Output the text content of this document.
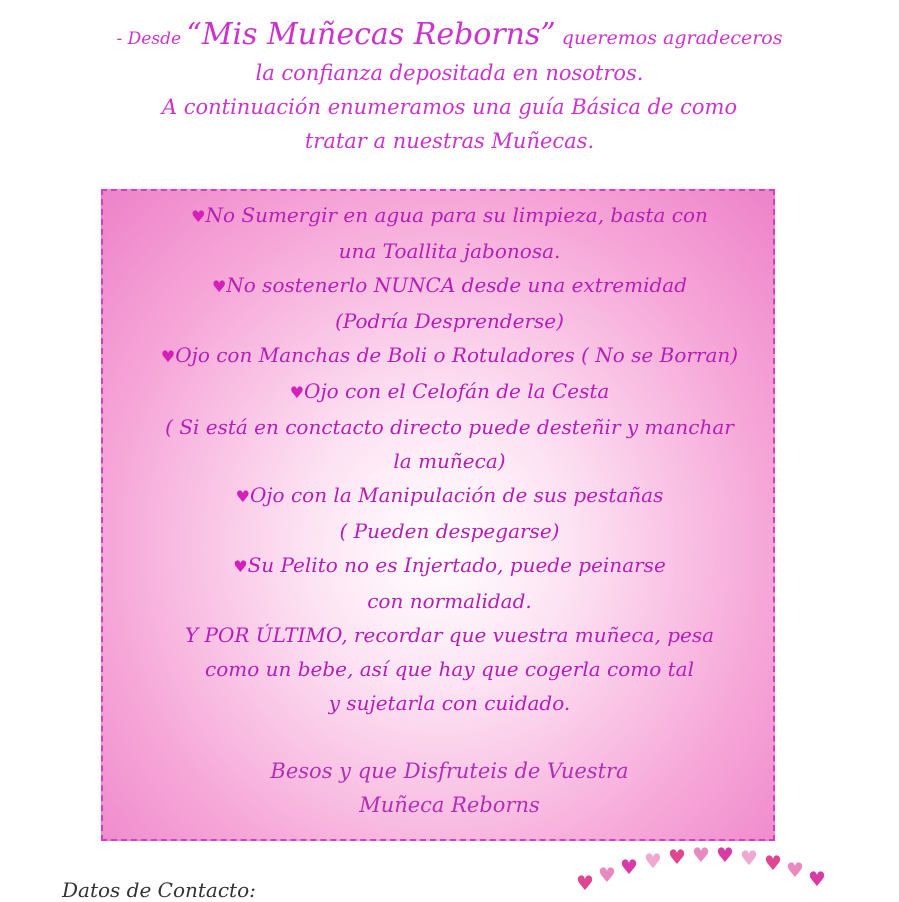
- Desde “Mis Muñecas Reborns” queremos agradeceros
la confianza depositada en nosotros.
A continuación enumeramos una guía Básica de como
tratar a nuestras Muñecas.
♥No Sumergir en agua para su limpieza, basta con
una Toallita jabonosa.
♥No sostenerlo NUNCA desde una extremidad
(Podría Desprenderse)
♥Ojo con Manchas de Boli o Rotuladores ( No se Borran)
♥Ojo con el Celofán de la Cesta
( Si está en conctacto directo puede desteñir y manchar
la muñeca)
♥Ojo con la Manipulación de sus pestañas
( Pueden despegarse)
♥Su Pelito no es Injertado, puede peinarse
con normalidad.
Y POR ÚLTIMO, recordar que vuestra muñeca, pesa
como un bebe, así que hay que cogerla como tal
y sujetarla con cuidado.
Besos y que Disfruteis de Vuestra
Muñeca Reborns
Datos de Contacto:	♥ ♥ ♥ ♥ ♥ ♥ ♥ ♥ ♥ ♥ ♥
